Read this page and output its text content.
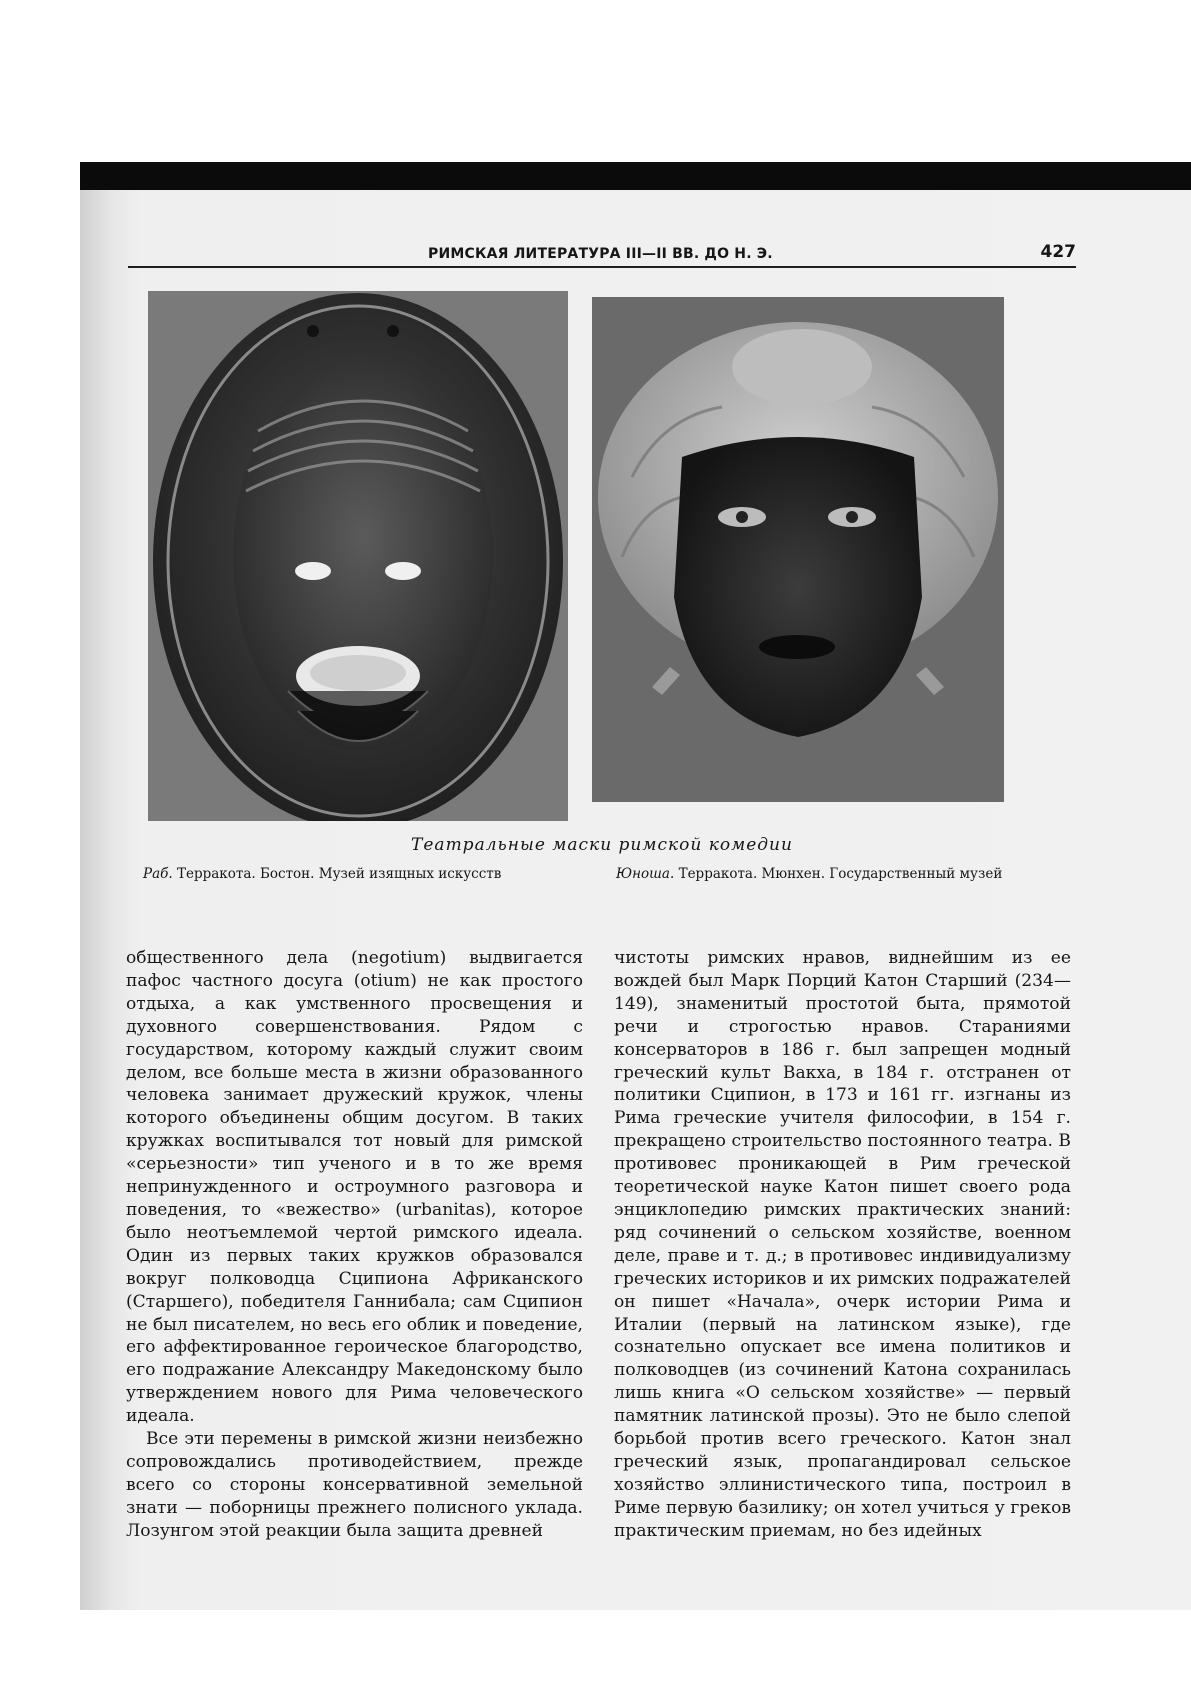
РИМСКАЯ ЛИТЕРАТУРА III—II ВВ. ДО Н. Э.	427
Театральные маски римской комедии
Раб. Терракота. Бостон. Музей изящных искусств	Юноша. Терракота. Мюнхен. Государственный музей

общественного дела (negotium) выдвигается пафос частного досуга (otium) не как простого отдыха, а как умственного просвещения и духовного совершенствования. Рядом с государством, которому каждый служит своим делом, все больше места в жизни образованного человека занимает дружеский кружок, члены которого объединены общим досугом. В таких кружках воспитывался тот новый для римской «серьезности» тип ученого и в то же время непринужденного и остроумного разговора и поведения, то «вежество» (urbanitas), которое было неотъемлемой чертой римского идеала. Один из первых таких кружков образовался вокруг полководца Сципиона Африканского (Старшего), победителя Ганнибала; сам Сципион не был писателем, но весь его облик и поведение, его аффектированное героическое благородство, его подражание Александру Македонскому было утверждением нового для Рима человеческого идеала.

Все эти перемены в римской жизни неизбежно сопровождались противодействием, прежде всего со стороны консервативной земельной знати — поборницы прежнего полисного уклада. Лозунгом этой реакции была защита древней

чистоты римских нравов, виднейшим из ее вождей был Марк Порций Катон Старший (234—149), знаменитый простотой быта, прямотой речи и строгостью нравов. Стараниями консерваторов в 186 г. был запрещен модный греческий культ Вакха, в 184 г. отстранен от политики Сципион, в 173 и 161 гг. изгнаны из Рима греческие учителя философии, в 154 г. прекращено строительство постоянного театра. В противовес проникающей в Рим греческой теоретической науке Катон пишет своего рода энциклопедию римских практических знаний: ряд сочинений о сельском хозяйстве, военном деле, праве и т. д.; в противовес индивидуализму греческих историков и их римских подражателей он пишет «Начала», очерк истории Рима и Италии (первый на латинском языке), где сознательно опускает все имена политиков и полководцев (из сочинений Катона сохранилась лишь книга «О сельском хозяйстве» — первый памятник латинской прозы). Это не было слепой борьбой против всего греческого. Катон знал греческий язык, пропагандировал сельское хозяйство эллинистического типа, построил в Риме первую базилику; он хотел учиться у греков практическим приемам, но без идейных
